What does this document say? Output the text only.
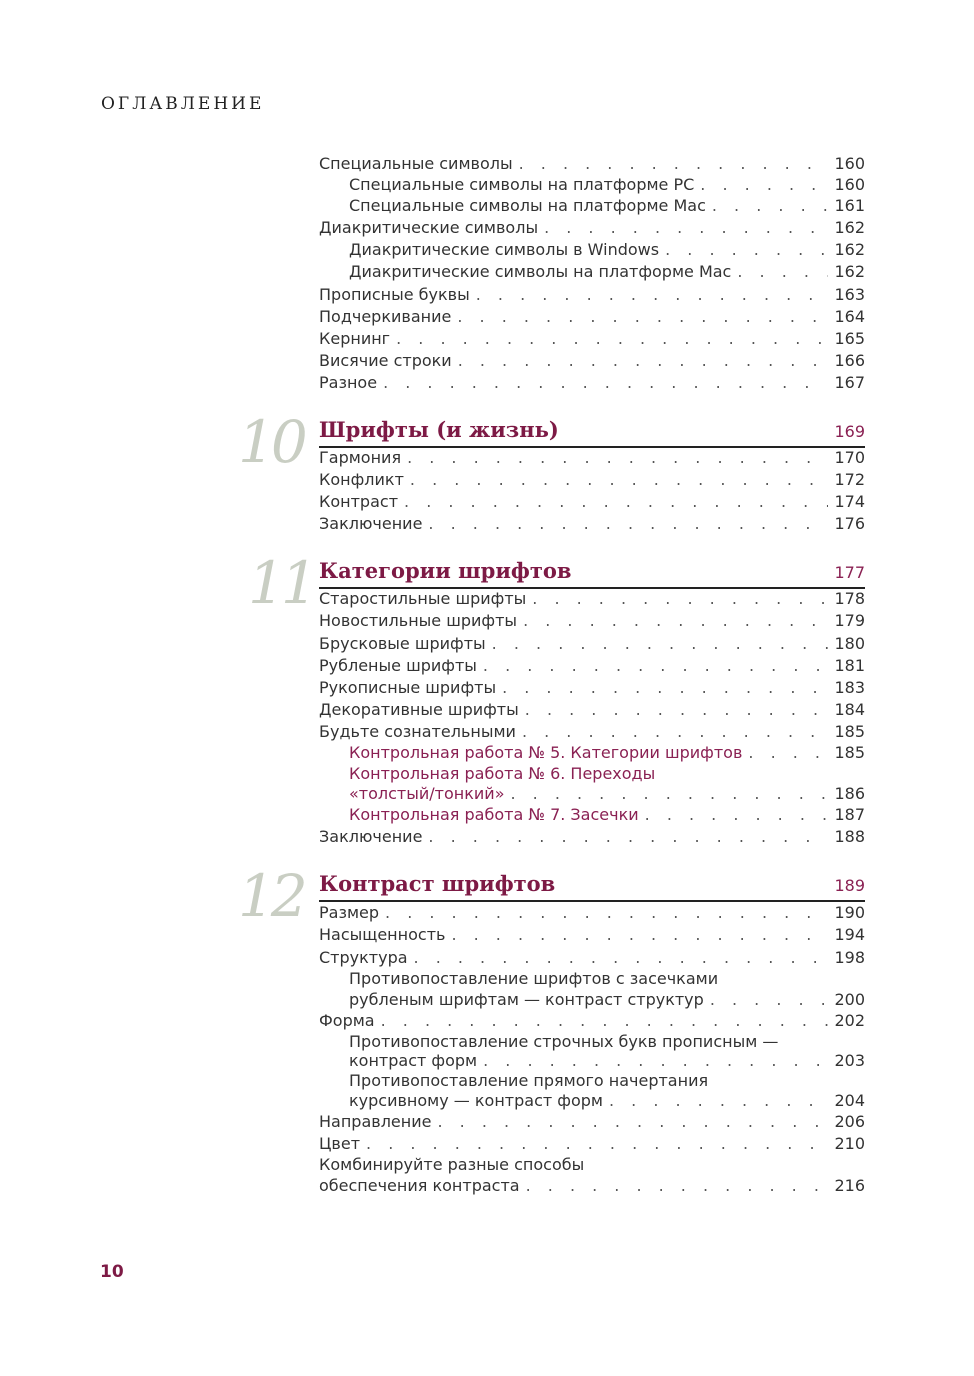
ОГЛАВЛЕНИЕ
Специальные символы . . .	160
Специальные символы на платформе PC . . .	160
Специальные символы на платформе Mac . . .	161
Диакритические символы . . .	162
Диакритические символы в Windows . . .	162
Диакритические символы на платформе Mac . . .	162
Прописные буквы . . .	163
Подчеркивание . . .	164
Кернинг . . .	165
Висячие строки . . .	166
Разное . . .	167
Шрифты (и жизнь)	169
Гармония . . .	170
Конфликт . . .	172
Контраст . . .	174
Заключение . . .	176
Категории шрифтов	177
Старостильные шрифты . . .	178
Новостильные шрифты . . .	179
Брусковые шрифты . . .	180
Рубленые шрифты . . .	181
Рукописные шрифты . . .	183
Декоративные шрифты . . .	184
Будьте сознательными . . .	185
Контрольная работа № 5. Категории шрифтов . . .	185
Контрольная работа № 6. Переходы
«толстый/тонкий» . . .	186
Контрольная работа № 7. Засечки . . .	187
Заключение . . .	188
Контраст шрифтов	189
Размер . . .	190
Насыщенность . . .	194
Структура . . .	198
Противопоставление шрифтов с засечками
рубленым шрифтам — контраст структур . . .	200
Форма . . .	202
Противопоставление строчных букв прописным —
контраст форм . . .	203
Противопоставление прямого начертания
курсивному — контраст форм . . .	204
Направление . . .	206
Цвет . . .	210
Комбинируйте разные способы
обеспечения контраста . . .	216
10
11
12
10
